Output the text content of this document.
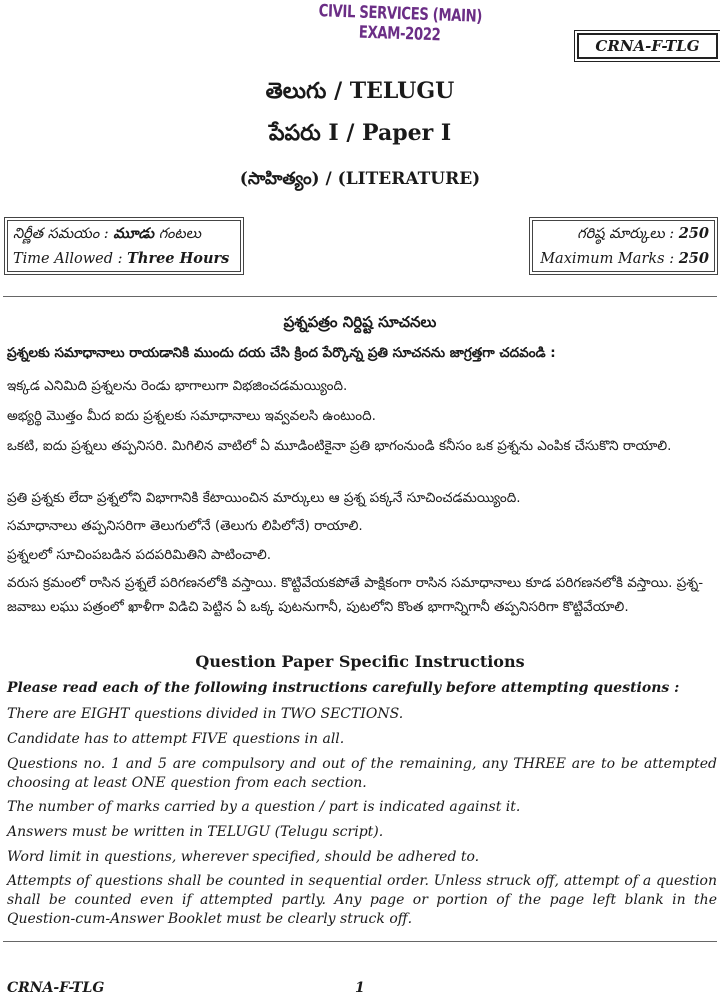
CIVIL SERVICES (MAIN) EXAM-2022
CRNA-F-TLG
తెలుగు / TELUGU
పేపరు I / Paper I
(సాహిత్యం) / (LITERATURE)
నిర్ణీత సమయం : మూడు గంటలు
Time Allowed : Three Hours
గరిష్ఠ మార్కులు : 250
Maximum Marks : 250
ప్రశ్నపత్రం నిర్దిష్ట సూచనలు
ప్రశ్నలకు సమాధానాలు రాయడానికి ముందు దయ చేసి క్రింద పేర్కొన్న ప్రతి సూచనను జాగ్రత్తగా చదవండి :
ఇక్కడ ఎనిమిది ప్రశ్నలను రెండు భాగాలుగా విభజించడమయ్యింది.
అభ్యర్థి మొత్తం మీద ఐదు ప్రశ్నలకు సమాధానాలు ఇవ్వవలసి ఉంటుంది.
ఒకటి, ఐదు ప్రశ్నలు తప్పనిసరి. మిగిలిన వాటిలో ఏ మూడింటికైనా ప్రతి భాగంనుండి కనీసం ఒక ప్రశ్నను ఎంపిక చేసుకొని రాయాలి.
ప్రతి ప్రశ్నకు లేదా ప్రశ్నలోని విభాగానికి కేటాయించిన మార్కులు ఆ ప్రశ్న పక్కనే సూచించడమయ్యింది.
సమాధానాలు తప్పనిసరిగా తెలుగులోనే (తెలుగు లిపిలోనే) రాయాలి.
ప్రశ్నలలో సూచింపబడిన పదపరిమితిని పాటించాలి.
వరుస క్రమంలో రాసిన ప్రశ్నలే పరిగణనలోకి వస్తాయి. కొట్టివేయకపోతే పాక్షికంగా రాసిన సమాధానాలు కూడ పరిగణనలోకి వస్తాయి. ప్రశ్న-జవాబు లఘు పత్రంలో ఖాళీగా విడిచి పెట్టిన ఏ ఒక్క పుటనుగానీ, పుటలోని కొంత భాగాన్నిగానీ తప్పనిసరిగా కొట్టివేయాలి.
Question Paper Specific Instructions
Please read each of the following instructions carefully before attempting questions :
There are EIGHT questions divided in TWO SECTIONS.
Candidate has to attempt FIVE questions in all.
Questions no. 1 and 5 are compulsory and out of the remaining, any THREE are to be attempted choosing at least ONE question from each section.
The number of marks carried by a question / part is indicated against it.
Answers must be written in TELUGU (Telugu script).
Word limit in questions, wherever specified, should be adhered to.
Attempts of questions shall be counted in sequential order. Unless struck off, attempt of a question shall be counted even if attempted partly. Any page or portion of the page left blank in the Question-cum-Answer Booklet must be clearly struck off.
CRNA-F-TLG	1
